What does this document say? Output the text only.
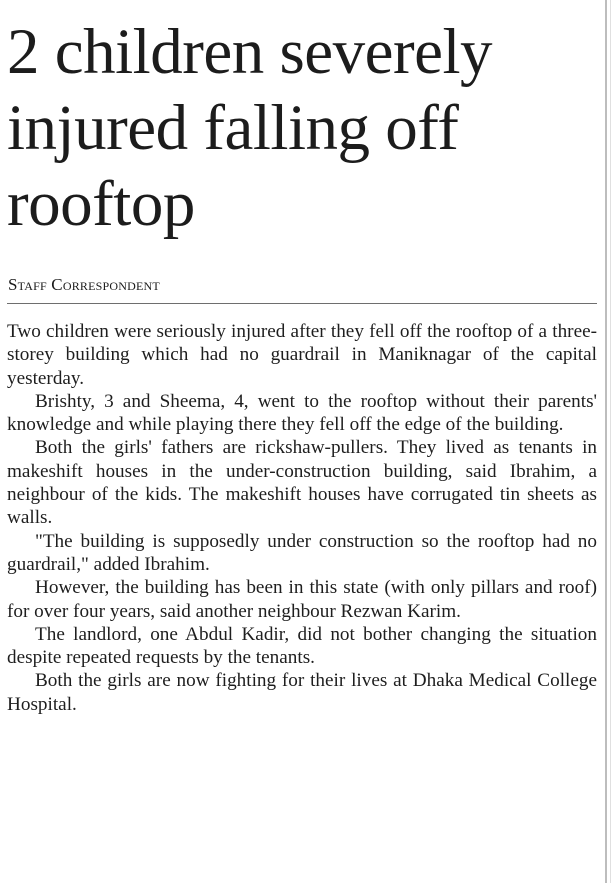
2 children severely injured falling off rooftop
Staff Correspondent

Two children were seriously injured after they fell off the rooftop of a three-storey building which had no guardrail in Maniknagar of the capital yesterday.

Brishty, 3 and Sheema, 4, went to the rooftop without their parents' knowledge and while playing there they fell off the edge of the building.

Both the girls' fathers are rickshaw-pullers. They lived as tenants in makeshift houses in the under-construction building, said Ibrahim, a neighbour of the kids. The makeshift houses have corrugated tin sheets as walls.

"The building is supposedly under construction so the rooftop had no guardrail," added Ibrahim.

However, the building has been in this state (with only pillars and roof) for over four years, said another neighbour Rezwan Karim.

The landlord, one Abdul Kadir, did not bother changing the situation despite repeated requests by the tenants.

Both the girls are now fighting for their lives at Dhaka Medical College Hospital.
